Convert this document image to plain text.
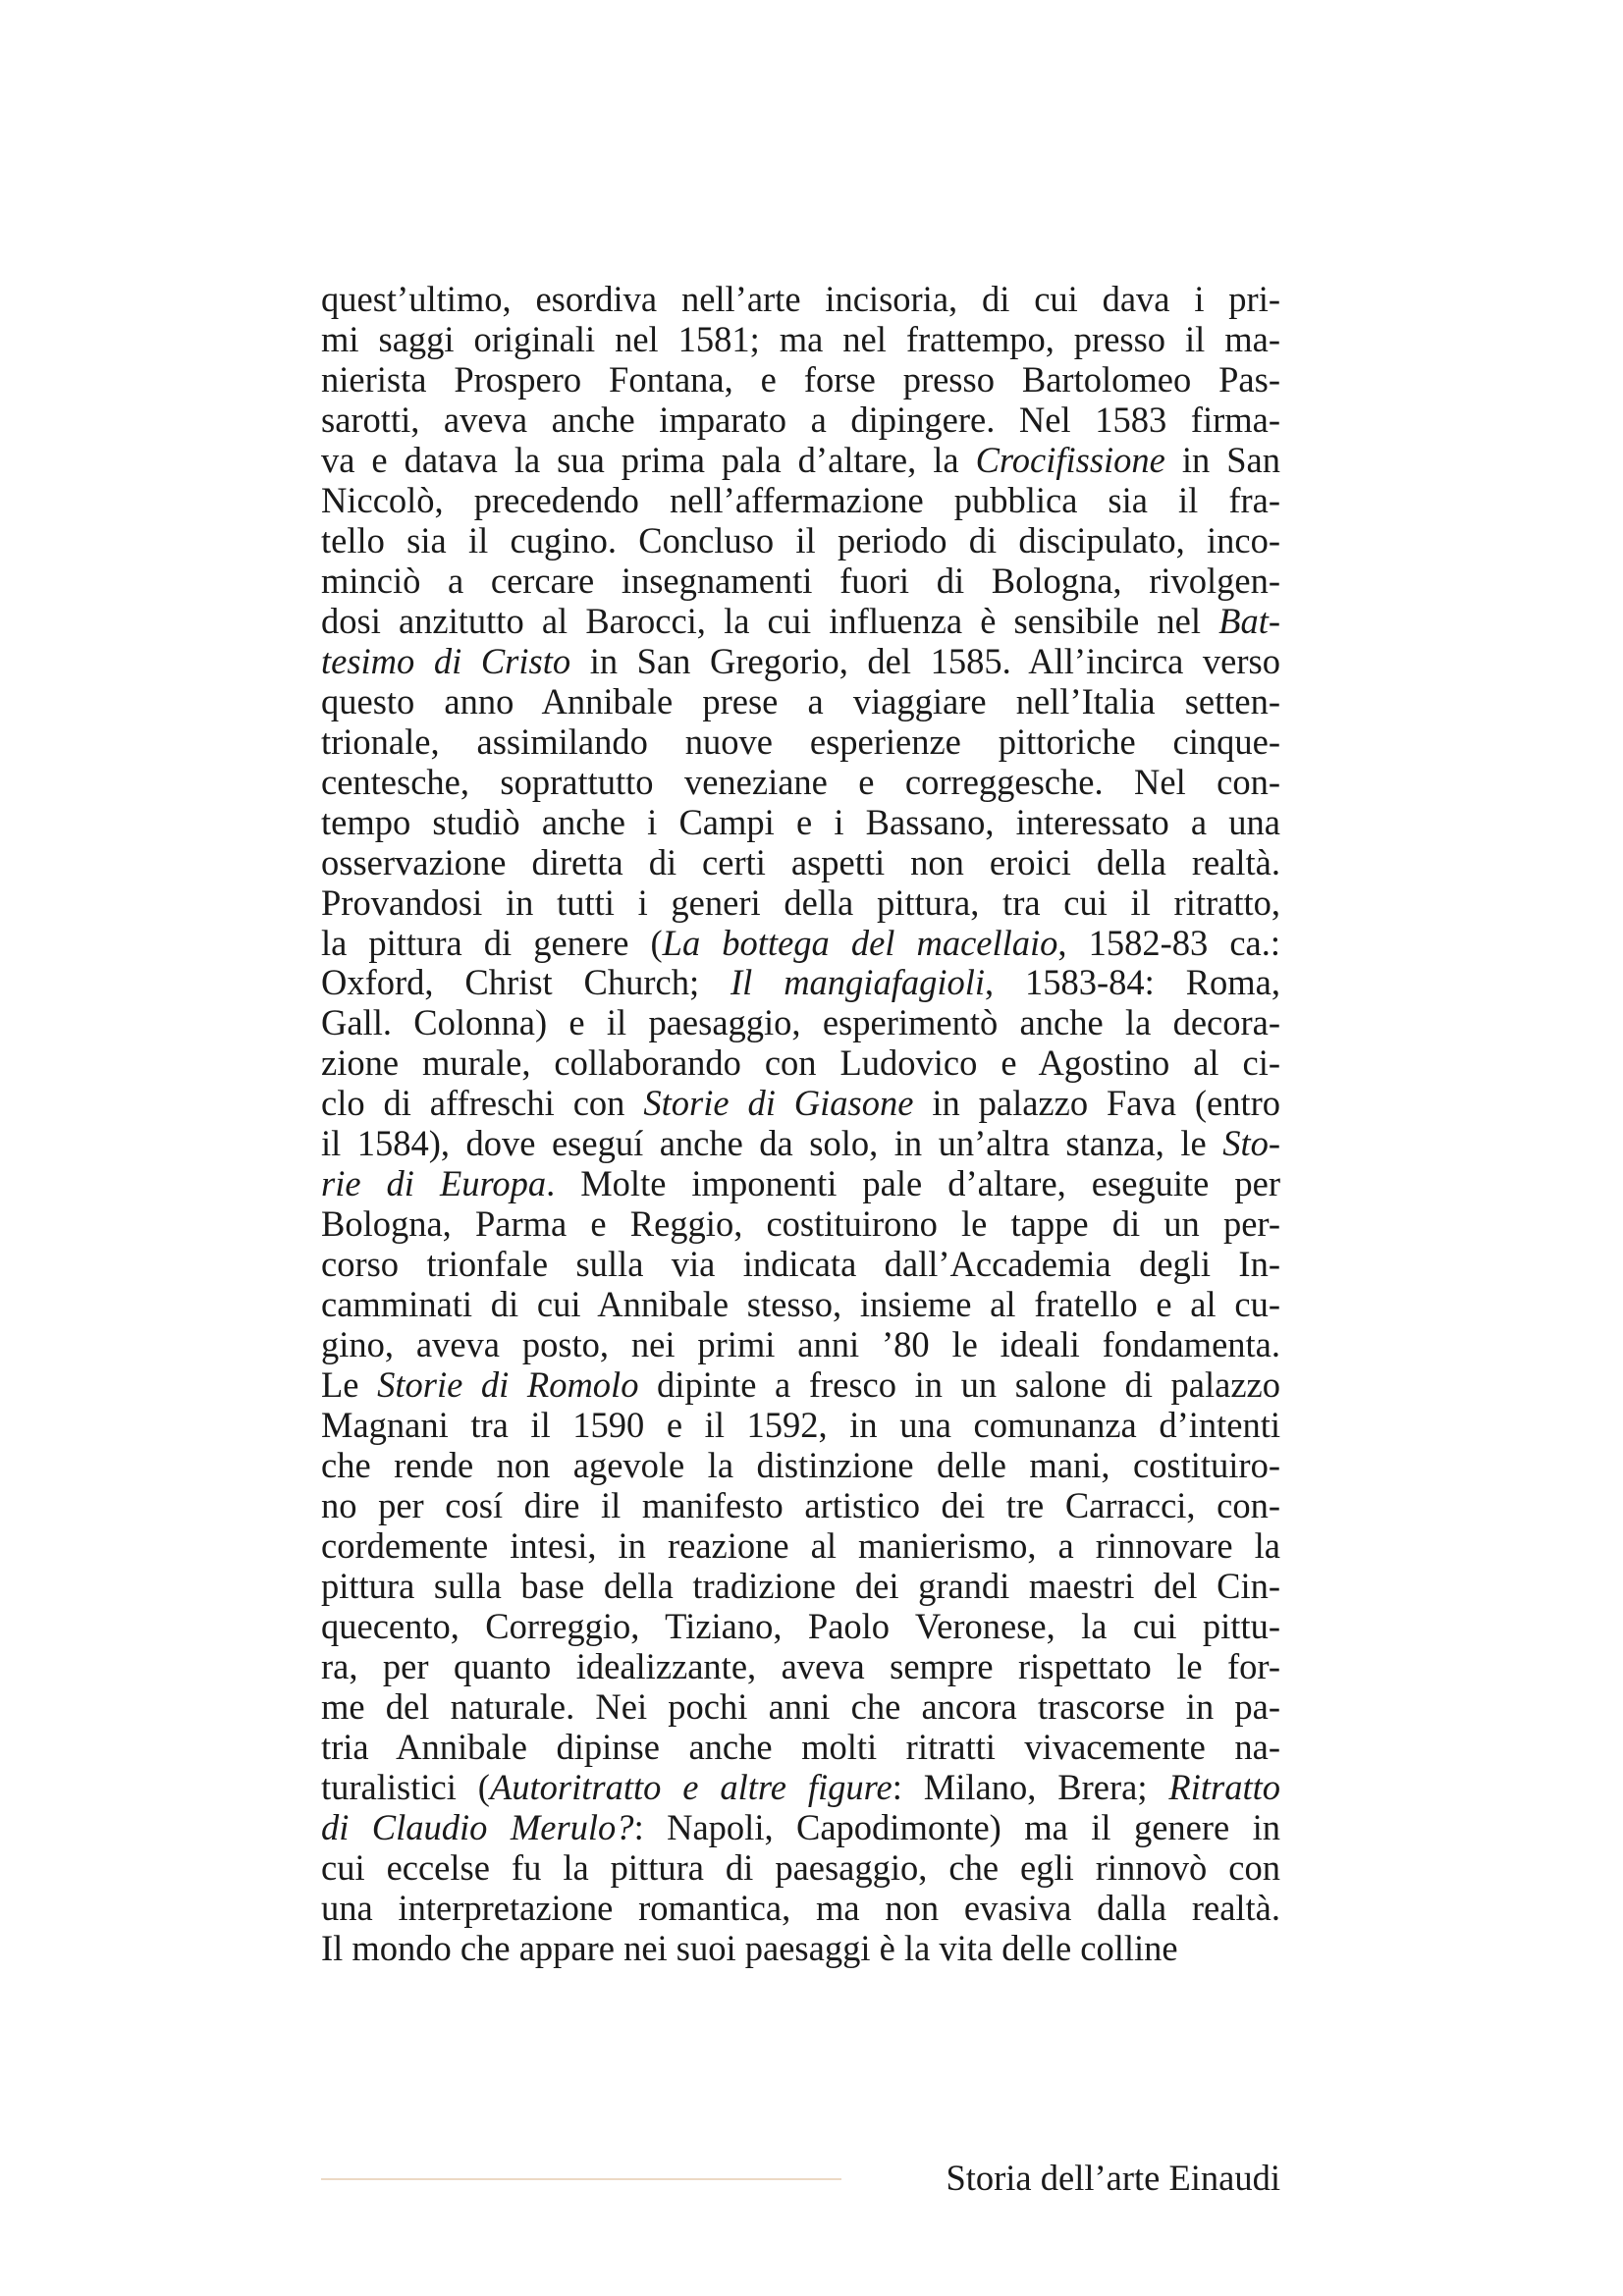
quest’ultimo, esordiva nell’arte incisoria, di cui dava i pri-
mi saggi originali nel 1581; ma nel frattempo, presso il ma-
nierista Prospero Fontana, e forse presso Bartolomeo Pas-
sarotti, aveva anche imparato a dipingere. Nel 1583 firma-
va e datava la sua prima pala d’altare, la Crocifissione in San
Niccolò, precedendo nell’affermazione pubblica sia il fra-
tello sia il cugino. Concluso il periodo di discipulato, inco-
minciò a cercare insegnamenti fuori di Bologna, rivolgen-
dosi anzitutto al Barocci, la cui influenza è sensibile nel Bat-
tesimo di Cristo in San Gregorio, del 1585. All’incirca verso
questo anno Annibale prese a viaggiare nell’Italia setten-
trionale, assimilando nuove esperienze pittoriche cinque-
centesche, soprattutto veneziane e correggesche. Nel con-
tempo studiò anche i Campi e i Bassano, interessato a una
osservazione diretta di certi aspetti non eroici della realtà.
Provandosi in tutti i generi della pittura, tra cui il ritratto,
la pittura di genere (La bottega del macellaio, 1582-83 ca.:
Oxford, Christ Church; Il mangiafagioli, 1583-84: Roma,
Gall. Colonna) e il paesaggio, esperimentò anche la decora-
zione murale, collaborando con Ludovico e Agostino al ci-
clo di affreschi con Storie di Giasone in palazzo Fava (entro
il 1584), dove eseguí anche da solo, in un’altra stanza, le Sto-
rie di Europa. Molte imponenti pale d’altare, eseguite per
Bologna, Parma e Reggio, costituirono le tappe di un per-
corso trionfale sulla via indicata dall’Accademia degli In-
camminati di cui Annibale stesso, insieme al fratello e al cu-
gino, aveva posto, nei primi anni ’80 le ideali fondamenta.
Le Storie di Romolo dipinte a fresco in un salone di palazzo
Magnani tra il 1590 e il 1592, in una comunanza d’intenti
che rende non agevole la distinzione delle mani, costituiro-
no per cosí dire il manifesto artistico dei tre Carracci, con-
cordemente intesi, in reazione al manierismo, a rinnovare la
pittura sulla base della tradizione dei grandi maestri del Cin-
quecento, Correggio, Tiziano, Paolo Veronese, la cui pittu-
ra, per quanto idealizzante, aveva sempre rispettato le for-
me del naturale. Nei pochi anni che ancora trascorse in pa-
tria Annibale dipinse anche molti ritratti vivacemente na-
turalistici (Autoritratto e altre figure: Milano, Brera; Ritratto
di Claudio Merulo?: Napoli, Capodimonte) ma il genere in
cui eccelse fu la pittura di paesaggio, che egli rinnovò con
una interpretazione romantica, ma non evasiva dalla realtà.
Il mondo che appare nei suoi paesaggi è la vita delle colline
Storia dell’arte Einaudi
